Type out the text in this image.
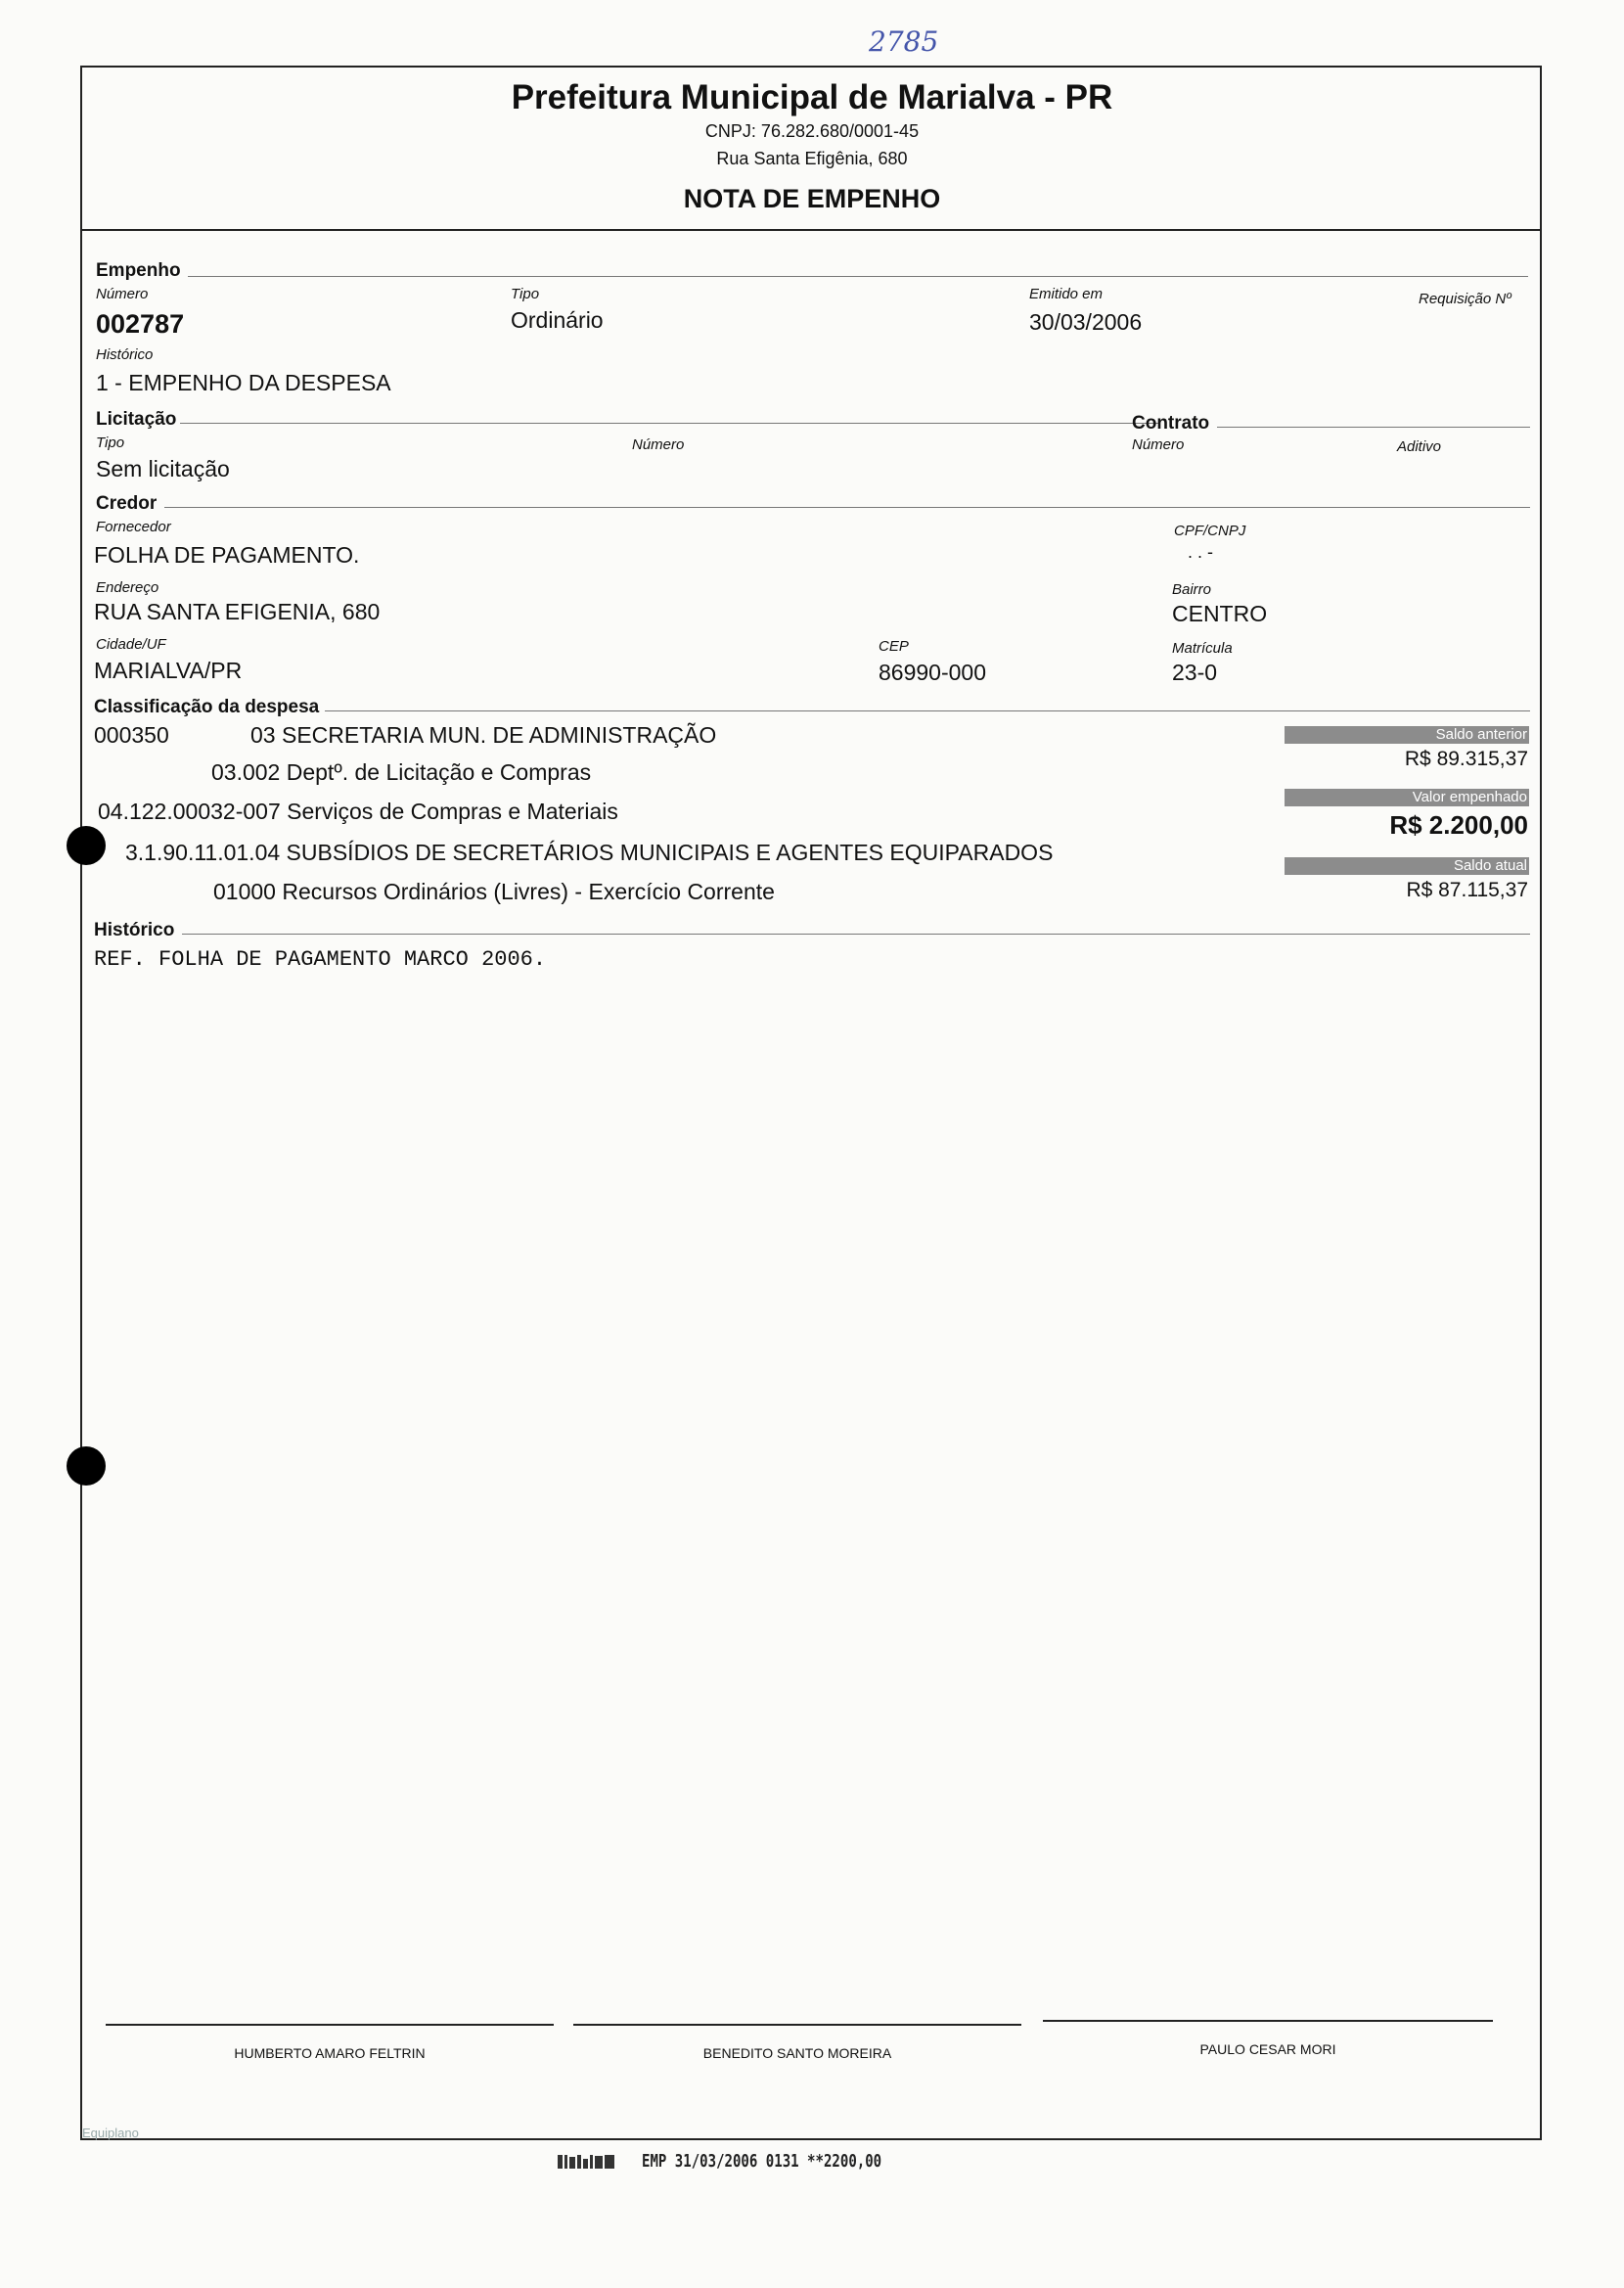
2785
Prefeitura Municipal de Marialva - PR
CNPJ: 76.282.680/0001-45
Rua Santa Efigênia, 680
NOTA DE EMPENHO
Empenho
Número
002787
Tipo
Ordinário
Emitido em
30/03/2006
Requisição Nº
Histórico
1 - EMPENHO DA DESPESA
Licitação
Tipo
Sem licitação
Número
Contrato
Número	Aditivo
Credor
Fornecedor
FOLHA DE PAGAMENTO.
CPF/CNPJ
. . -
Endereço
RUA SANTA EFIGENIA, 680
Bairro
CENTRO
Cidade/UF
MARIALVA/PR
CEP
86990-000
Matrícula
23-0
Classificação da despesa
000350	03 SECRETARIA MUN. DE ADMINISTRAÇÃO
03.002 Deptº. de Licitação e Compras
04.122.00032-007 Serviços de Compras e Materiais
3.1.90.11.01.04 SUBSÍDIOS DE SECRETÁRIOS MUNICIPAIS E AGENTES EQUIPARADOS
01000 Recursos Ordinários (Livres) - Exercício Corrente
Saldo anterior
R$ 89.315,37
Valor empenhado
R$ 2.200,00
Saldo atual
R$ 87.115,37
Histórico
REF. FOLHA DE PAGAMENTO MARCO 2006.
HUMBERTO AMARO FELTRIN	BENEDITO SANTO MOREIRA	PAULO CESAR MORI
Equiplano
EMP 31/03/2006 0131 **2200,00
